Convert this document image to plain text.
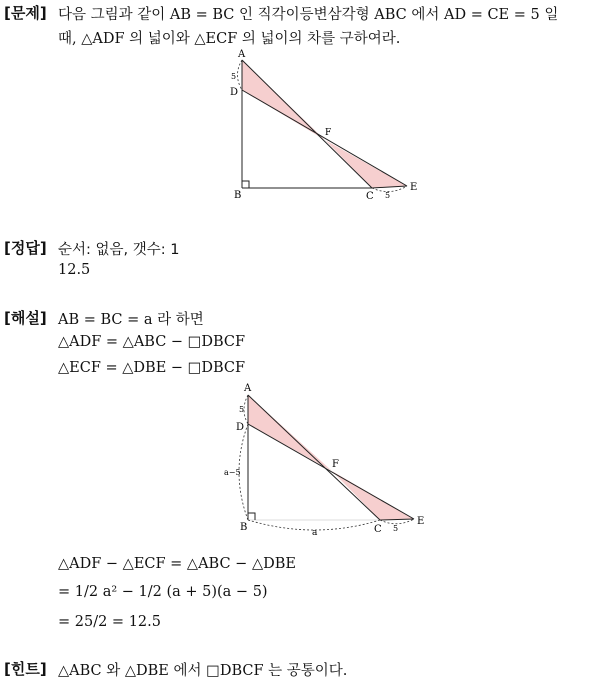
[문제] 다음 그림과 같이 AB = BC 인 직각이등변삼각형 ABC 에서 AD = CE = 5 일
때, △ADF 의 넓이와 △ECF 의 넓이의 차를 구하여라.
A
D
B	C
E
F
5
5
[정답] 순서: 없음, 갯수: 1
12.5
[해설] AB = BC = a 라 하면
△ADF = △ABC − □DBCF
△ECF = △DBE − □DBCF
A
D
B	C
E
F
5
a−5
a	5
△ADF − △ECF = △ABC − △DBE
= 1/2 a² − 1/2 (a + 5)(a − 5)
= 25/2 = 12.5
[힌트] △ABC 와 △DBE 에서 □DBCF 는 공통이다.
